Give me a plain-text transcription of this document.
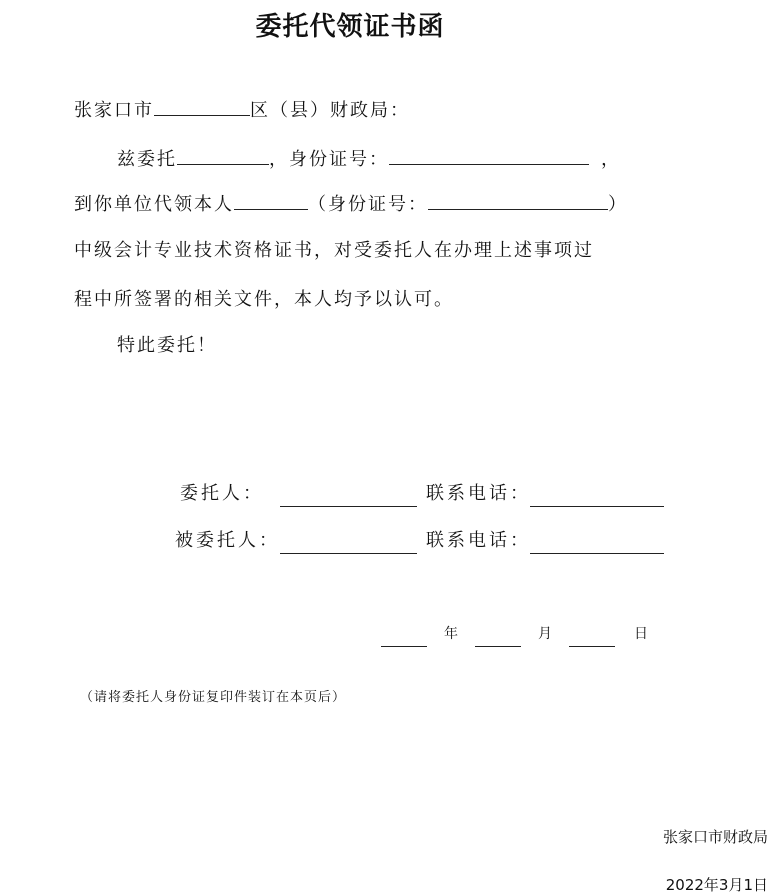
委托代领证书函
张家口市	区（县）财政局：
兹委托	，身份证号：	，
到你单位代领本人	（身份证号：	）
中级会计专业技术资格证书，对受委托人在办理上述事项过
程中所签署的相关文件，本人均予以认可。
特此委托！
委托人：	联系电话：
被委托人：	联系电话：
年	月	日
（请将委托人身份证复印件装订在本页后）
张家口市财政局
2022年3月1日
